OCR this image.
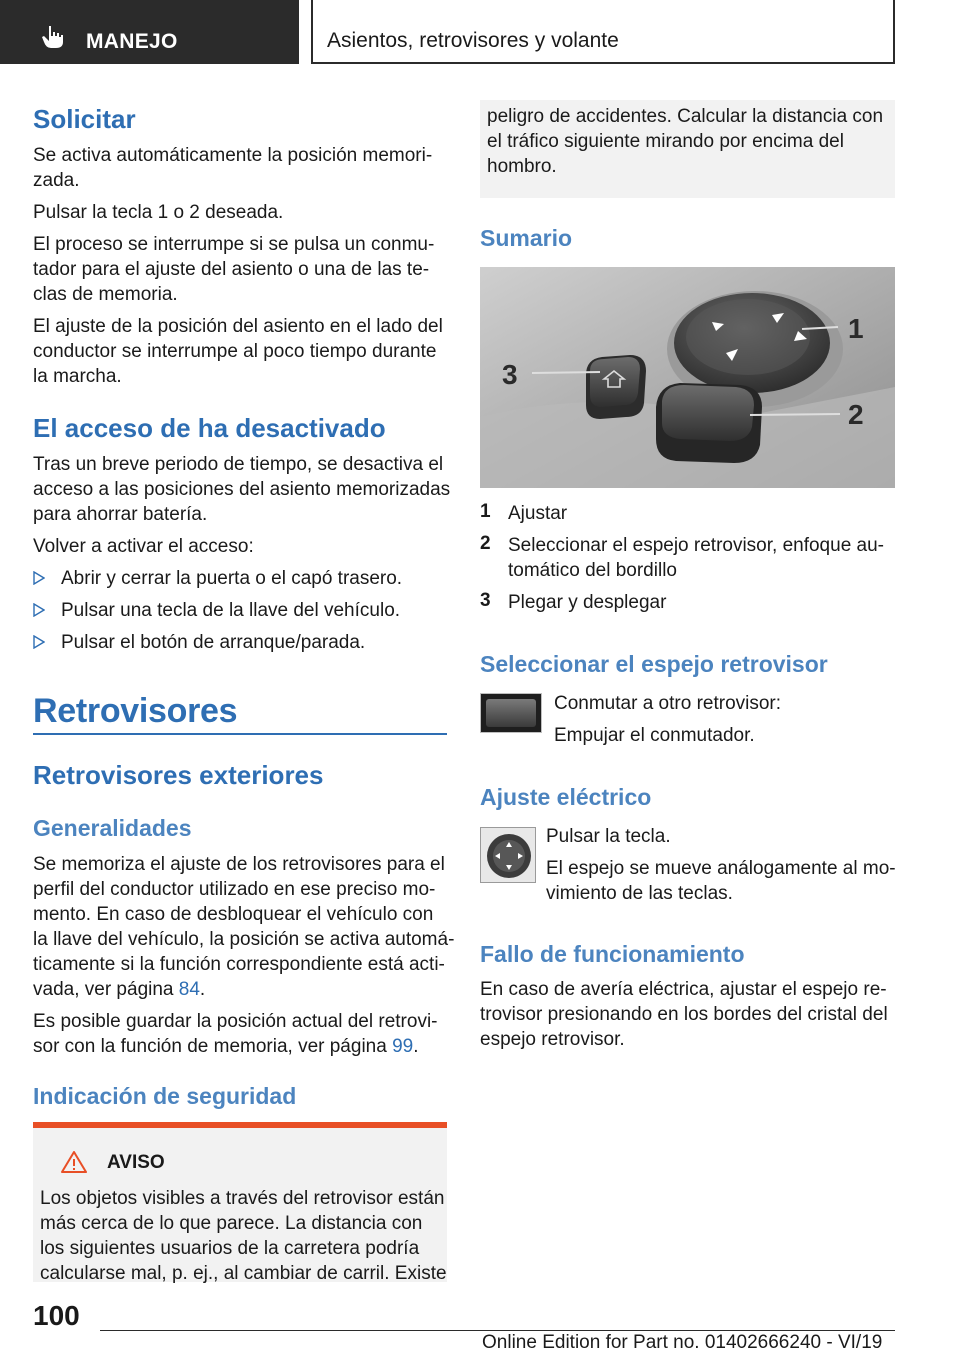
MANEJO	Asientos, retrovisores y volante
Solicitar
Se activa automáticamente la posición memori-
zada.
Pulsar la tecla 1 o 2 deseada.
El proceso se interrumpe si se pulsa un conmu-
tador para el ajuste del asiento o una de las te-
clas de memoria.
El ajuste de la posición del asiento en el lado del
conductor se interrumpe al poco tiempo durante
la marcha.
El acceso de ha desactivado
Tras un breve periodo de tiempo, se desactiva el
acceso a las posiciones del asiento memorizadas
para ahorrar batería.
Volver a activar el acceso:
Abrir y cerrar la puerta o el capó trasero.
Pulsar una tecla de la llave del vehículo.
Pulsar el botón de arranque/parada.
Retrovisores
Retrovisores exteriores
Generalidades
Se memoriza el ajuste de los retrovisores para el
perfil del conductor utilizado en ese preciso mo-
mento. En caso de desbloquear el vehículo con
la llave del vehículo, la posición se activa automá-
ticamente si la función correspondiente está acti-
vada, ver página 84.
Es posible guardar la posición actual del retrovi-
sor con la función de memoria, ver página 99.
Indicación de seguridad
AVISO
Los objetos visibles a través del retrovisor están
más cerca de lo que parece. La distancia con
los siguientes usuarios de la carretera podría
calcularse mal, p. ej., al cambiar de carril. Existe
peligro de accidentes. Calcular la distancia con
el tráfico siguiente mirando por encima del
hombro.
Sumario
1
2
3
1 Ajustar
2 Seleccionar el espejo retrovisor, enfoque au-
tomático del bordillo
3 Plegar y desplegar
Seleccionar el espejo retrovisor
Conmutar a otro retrovisor:
Empujar el conmutador.
Ajuste eléctrico
Pulsar la tecla.
El espejo se mueve análogamente al mo-
vimiento de las teclas.
Fallo de funcionamiento
En caso de avería eléctrica, ajustar el espejo re-
trovisor presionando en los bordes del cristal del
espejo retrovisor.
100
Online Edition for Part no. 01402666240 - VI/19
